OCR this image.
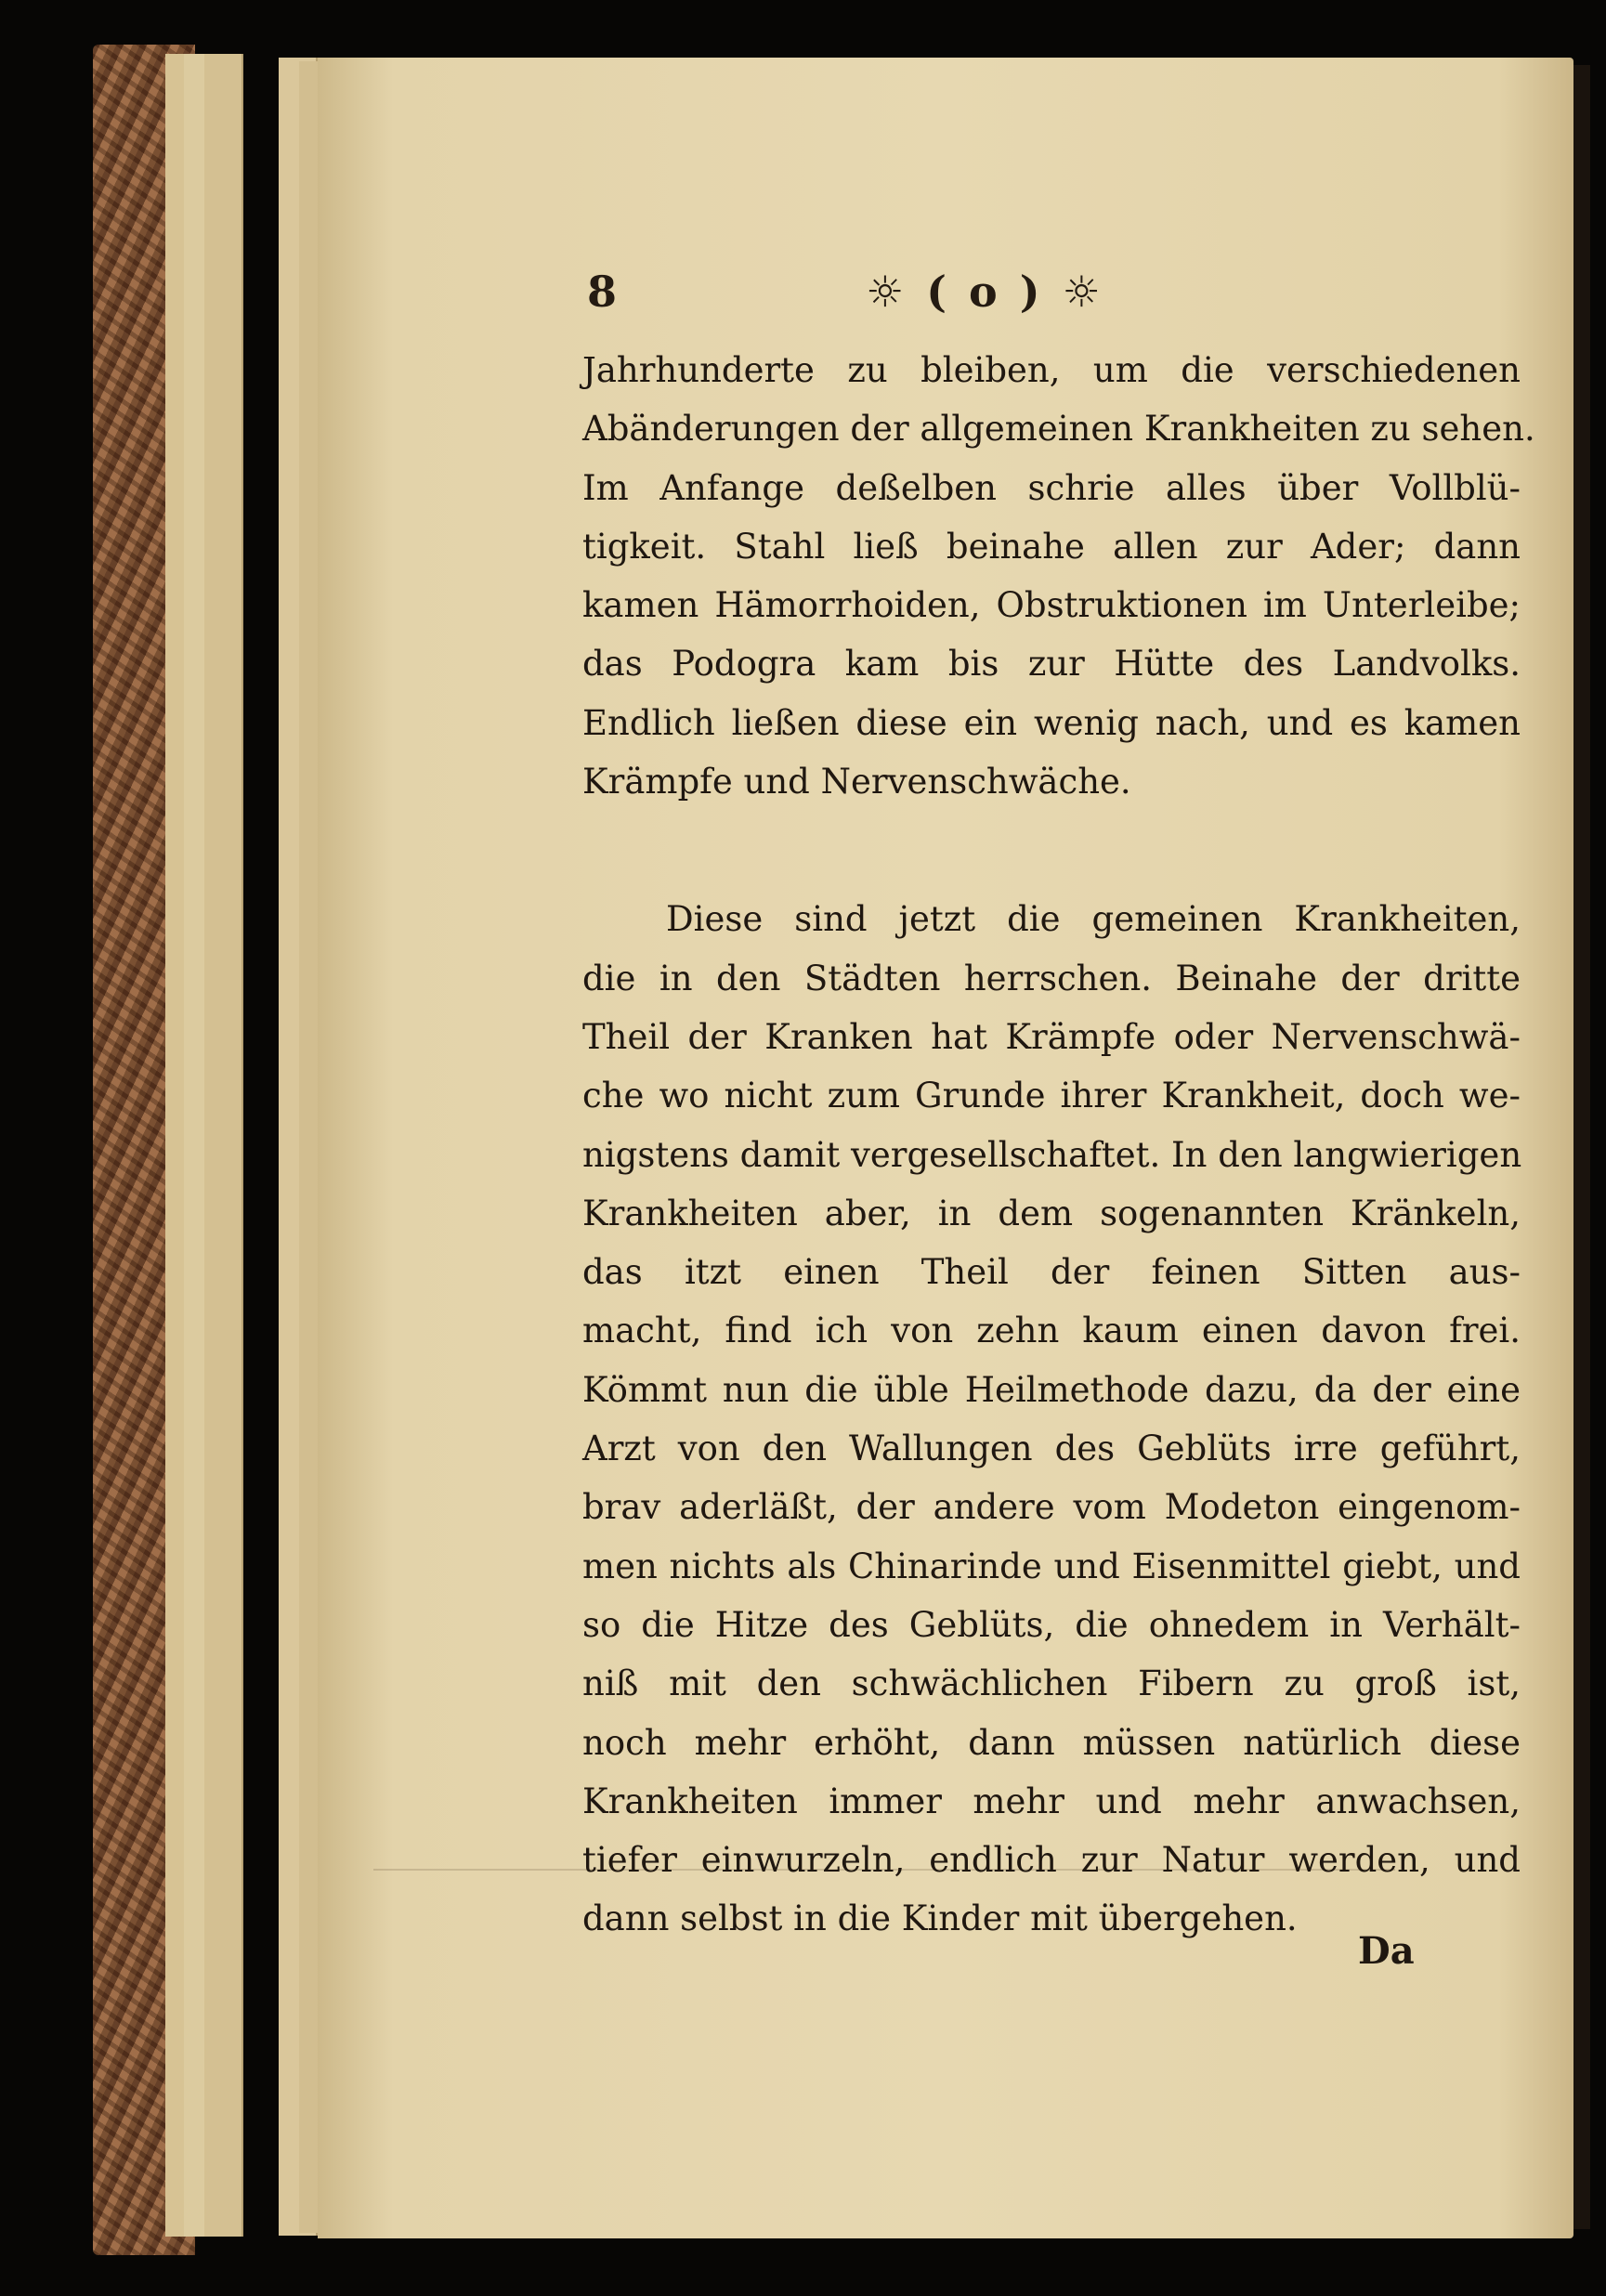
8	☼ ( o ) ☼
Jahrhunderte zu bleiben, um die verschiedenen
Abänderungen der allgemeinen Krankheiten zu sehen.
Im Anfange deßelben schrie alles über Vollblü-
tigkeit. Stahl ließ beinahe allen zur Ader; dann
kamen Hämorrhoiden, Obstruktionen im Unterleibe;
das Podogra kam bis zur Hütte des Landvolks.
Endlich ließen diese ein wenig nach, und es kamen
Krämpfe und Nervenschwäche.
Diese sind jetzt die gemeinen Krankheiten,
die in den Städten herrschen. Beinahe der dritte
Theil der Kranken hat Krämpfe oder Nervenschwä-
che wo nicht zum Grunde ihrer Krankheit, doch we-
nigstens damit vergesellschaftet. In den langwierigen
Krankheiten aber, in dem sogenannten Kränkeln,
das itzt einen Theil der feinen Sitten aus-
macht, find ich von zehn kaum einen davon frei.
Kömmt nun die üble Heilmethode dazu, da der eine
Arzt von den Wallungen des Geblüts irre geführt,
brav aderläßt, der andere vom Modeton eingenom-
men nichts als Chinarinde und Eisenmittel giebt, und
so die Hitze des Geblüts, die ohnedem in Verhält-
niß mit den schwächlichen Fibern zu groß ist,
noch mehr erhöht, dann müssen natürlich diese
Krankheiten immer mehr und mehr anwachsen,
tiefer einwurzeln, endlich zur Natur werden, und
dann selbst in die Kinder mit übergehen.
Da
